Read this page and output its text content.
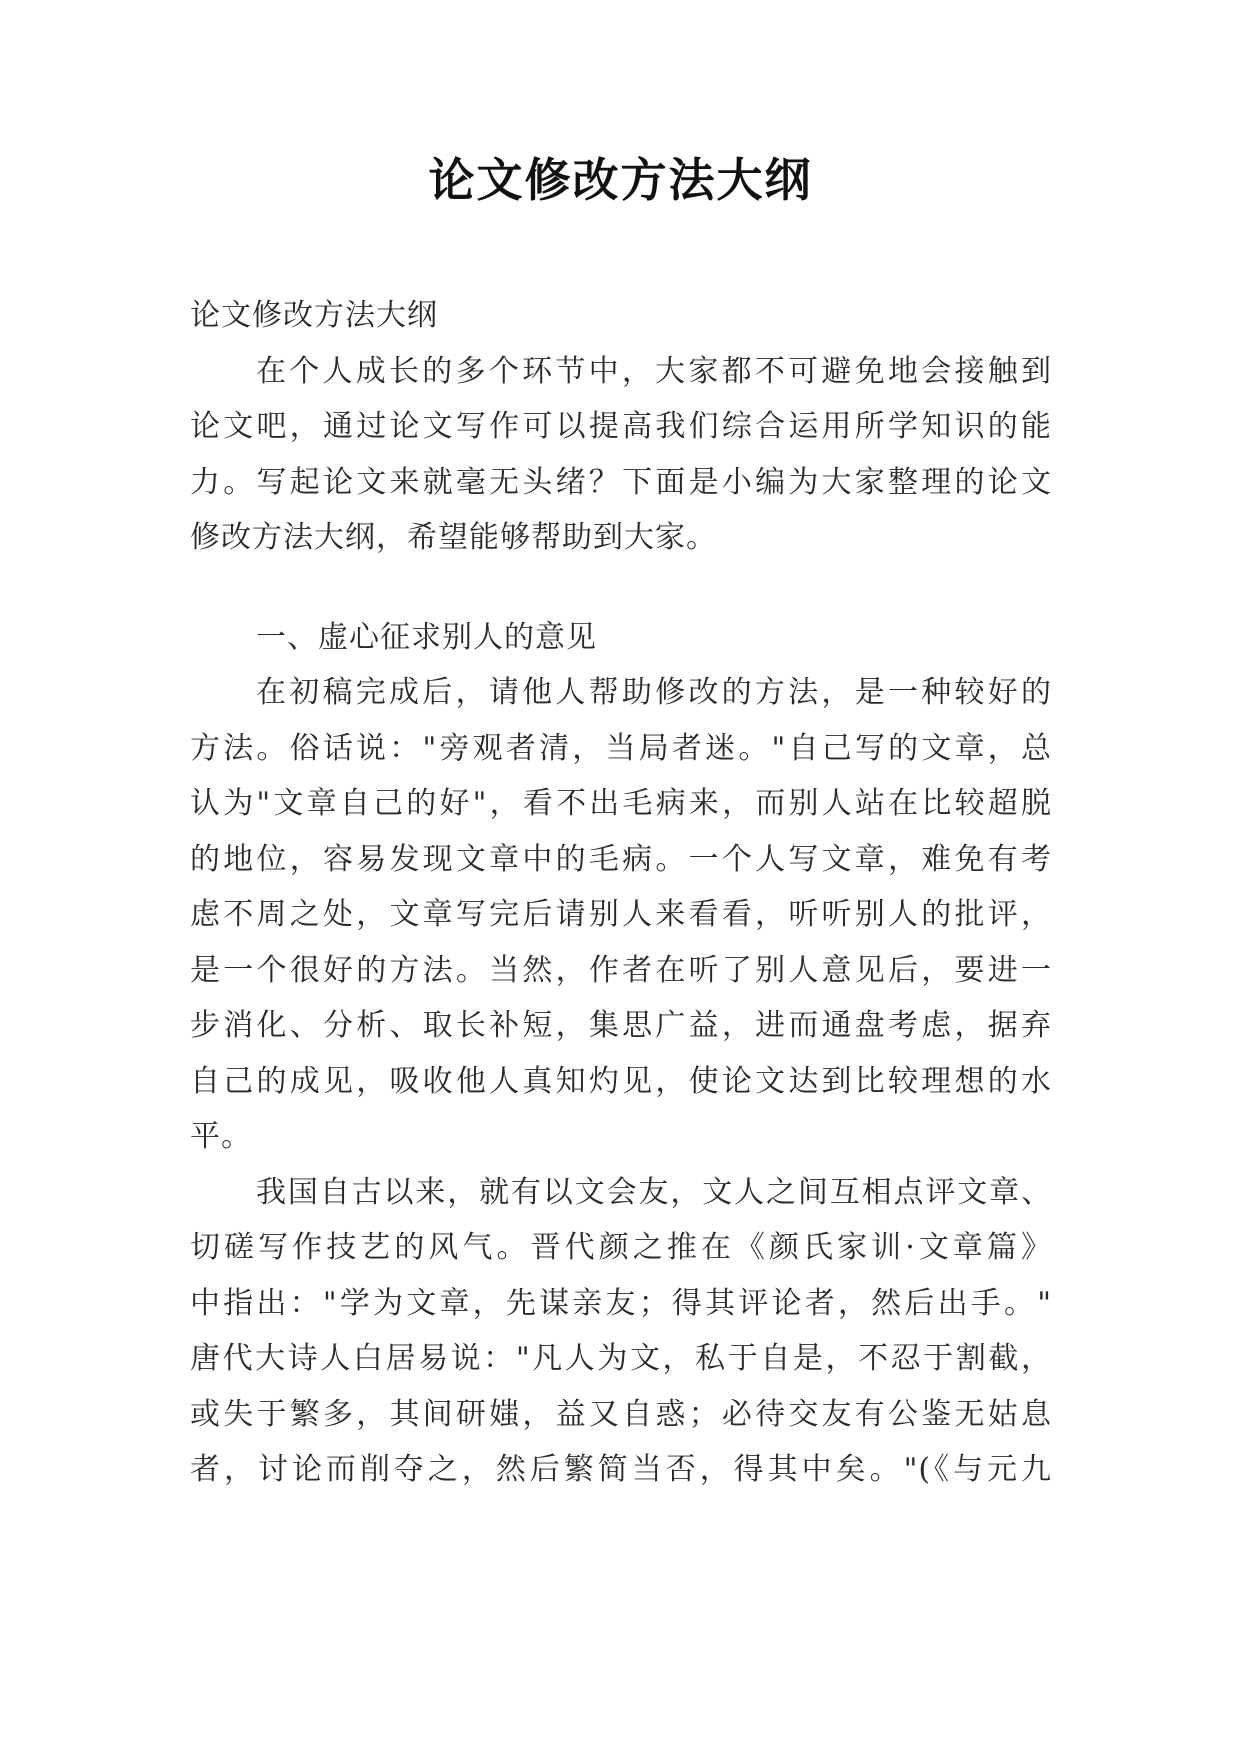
论文修改方法大纲
论文修改方法大纲
在个人成长的多个环节中，大家都不可避免地会接触到
论文吧，通过论文写作可以提高我们综合运用所学知识的能
力。写起论文来就毫无头绪？下面是小编为大家整理的论文
修改方法大纲，希望能够帮助到大家。
一、虚心征求别人的意见
在初稿完成后，请他人帮助修改的方法，是一种较好的
方法。俗话说："旁观者清，当局者迷。"自己写的文章，总
认为"文章自己的好"，看不出毛病来，而别人站在比较超脱
的地位，容易发现文章中的毛病。一个人写文章，难免有考
虑不周之处，文章写完后请别人来看看，听听别人的批评，
是一个很好的方法。当然，作者在听了别人意见后，要进一
步消化、分析、取长补短，集思广益，进而通盘考虑，据弃
自己的成见，吸收他人真知灼见，使论文达到比较理想的水
平。
我国自古以来，就有以文会友，文人之间互相点评文章、
切磋写作技艺的风气。晋代颜之推在《颜氏家训·文章篇》
中指出："学为文章，先谋亲友；得其评论者，然后出手。"
唐代大诗人白居易说："凡人为文，私于自是，不忍于割截，
或失于繁多，其间研媸，益又自惑；必待交友有公鉴无姑息
者，讨论而削夺之，然后繁简当否，得其中矣。"(《与元九
